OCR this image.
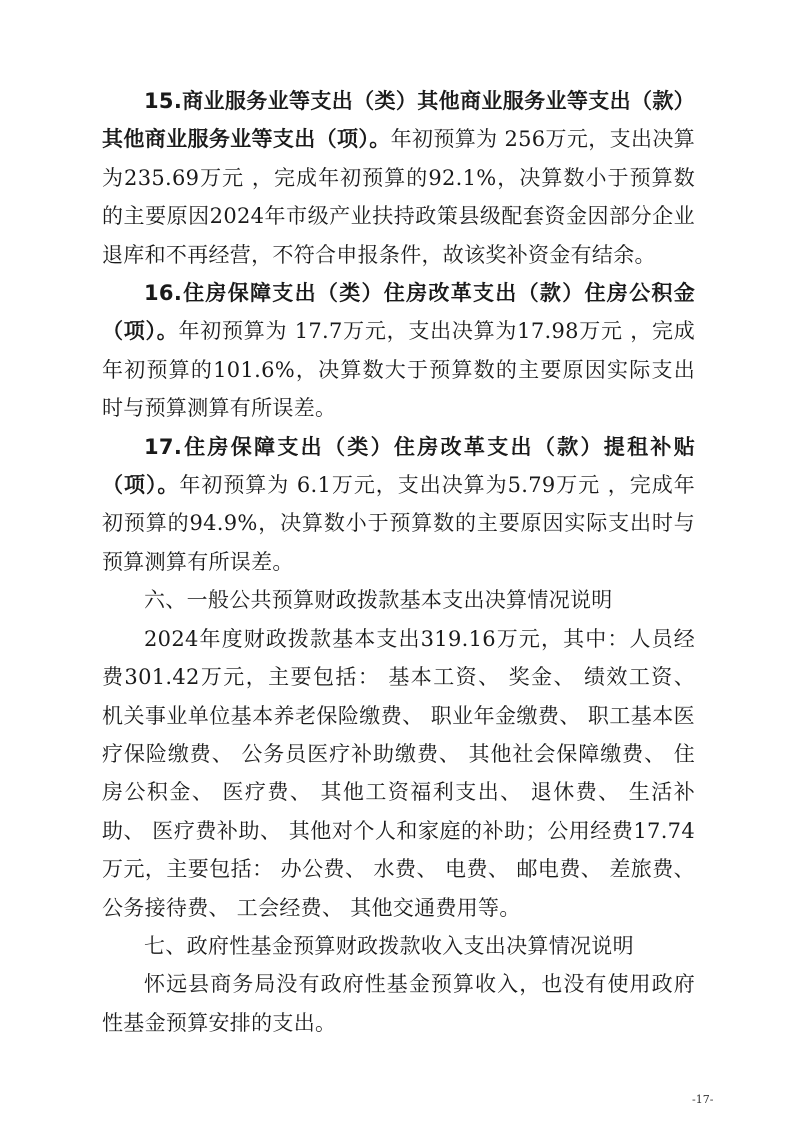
15.商业服务业等支出（类）其他商业服务业等支出（款）其他商业服务业等支出（项）。年初预算为 256万元，支出决算为235.69万元 ，完成年初预算的92.1%，决算数小于预算数的主要原因2024年市级产业扶持政策县级配套资金因部分企业退库和不再经营，不符合申报条件，故该奖补资金有结余。

16.住房保障支出（类）住房改革支出（款）住房公积金（项）。年初预算为 17.7万元，支出决算为17.98万元 ，完成年初预算的101.6%，决算数大于预算数的主要原因实际支出时与预算测算有所误差。

17.住房保障支出（类）住房改革支出（款）提租补贴（项）。年初预算为 6.1万元，支出决算为5.79万元 ，完成年初预算的94.9%，决算数小于预算数的主要原因实际支出时与预算测算有所误差。

六、一般公共预算财政拨款基本支出决算情况说明

2024年度财政拨款基本支出319.16万元，其中：人员经费301.42万元，主要包括： 基本工资、 奖金、 绩效工资、 机关事业单位基本养老保险缴费、 职业年金缴费、 职工基本医疗保险缴费、 公务员医疗补助缴费、 其他社会保障缴费、 住房公积金、 医疗费、 其他工资福利支出、 退休费、 生活补助、 医疗费补助、 其他对个人和家庭的补助；公用经费17.74万元，主要包括： 办公费、 水费、 电费、 邮电费、 差旅费、 公务接待费、 工会经费、 其他交通费用等。

七、政府性基金预算财政拨款收入支出决算情况说明

怀远县商务局没有政府性基金预算收入，也没有使用政府性基金预算安排的支出。

-17-
